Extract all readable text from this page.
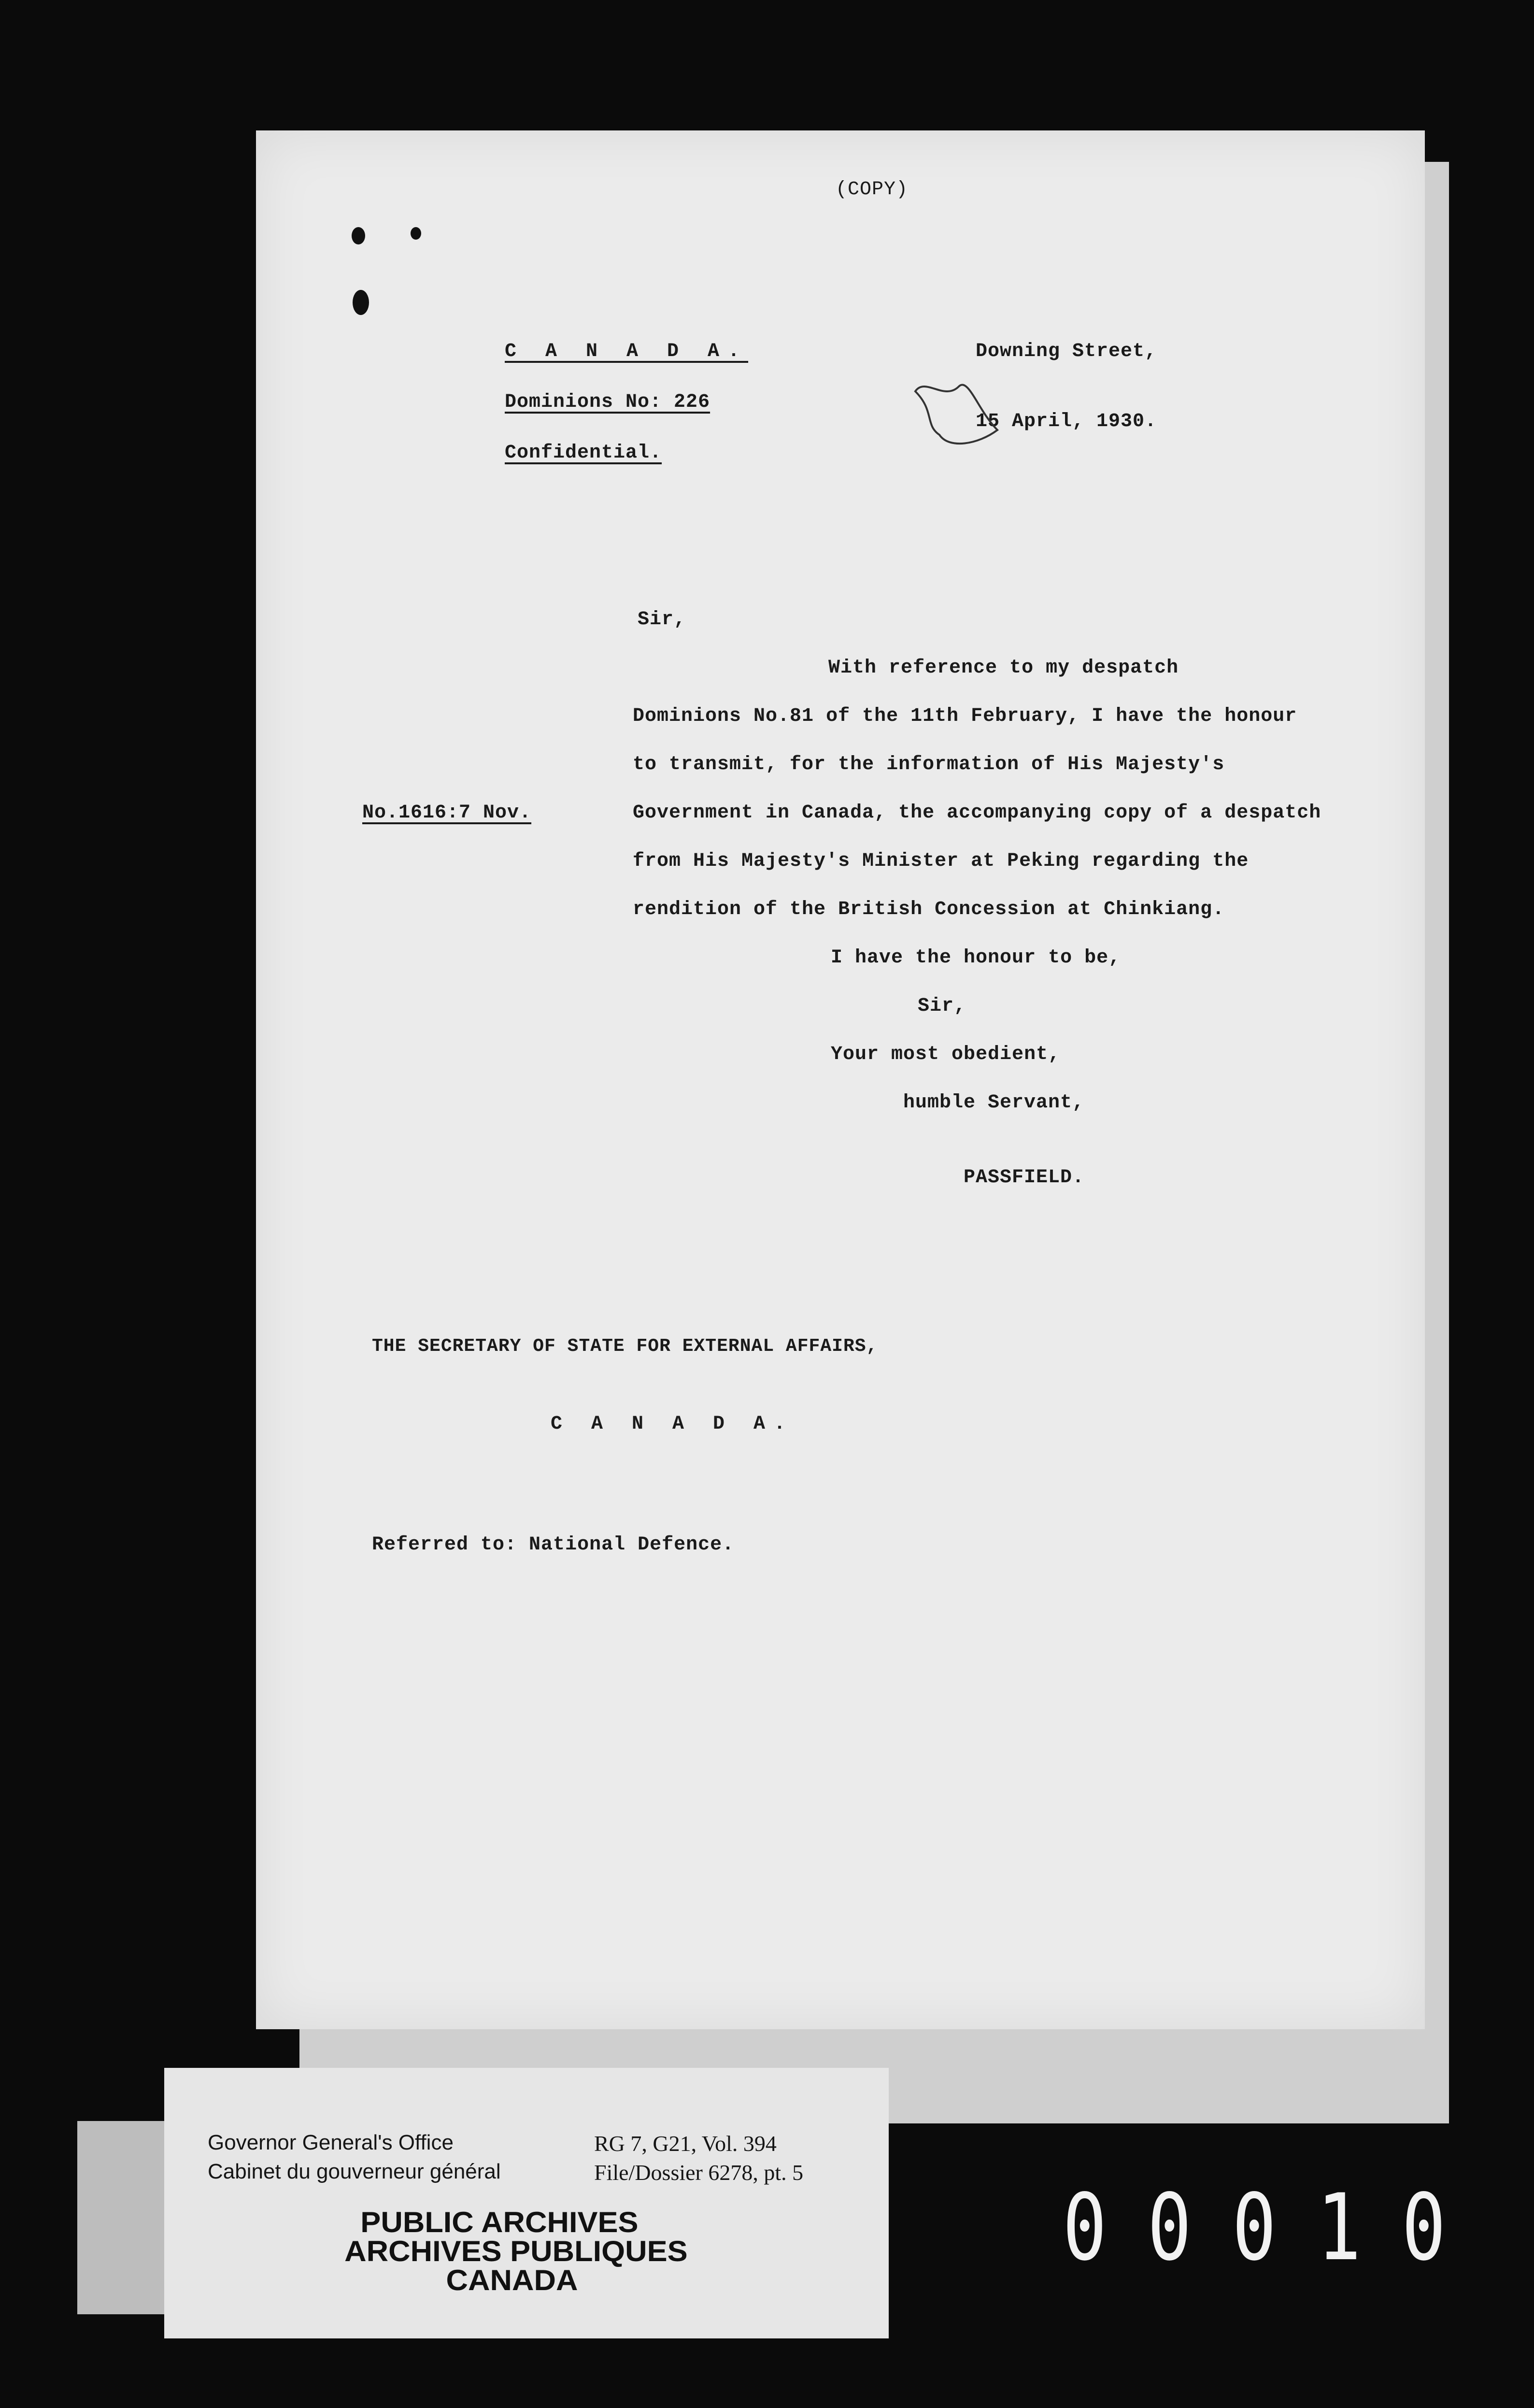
(COPY)
C A N A D A.
Dominions No: 226
Confidential.
Downing Street,
15 April, 1930.
Sir,
With reference to my despatch
Dominions No.81 of the 11th February, I have the honour
to transmit, for the information of His Majesty's
No.1616:7 Nov.	Government in Canada, the accompanying copy of a despatch
from His Majesty's Minister at Peking regarding the
rendition of the British Concession at Chinkiang.
I have the honour to be,
Sir,
Your most obedient,
humble Servant,
PASSFIELD.
THE SECRETARY OF STATE FOR EXTERNAL AFFAIRS,
C A N A D A.
Referred to: National Defence.
Governor General's Office
Cabinet du gouverneur général
RG 7, G21, Vol. 394
File/Dossier 6278, pt. 5
PUBLIC ARCHIVES
ARCHIVES PUBLIQUES
CANADA	00010
